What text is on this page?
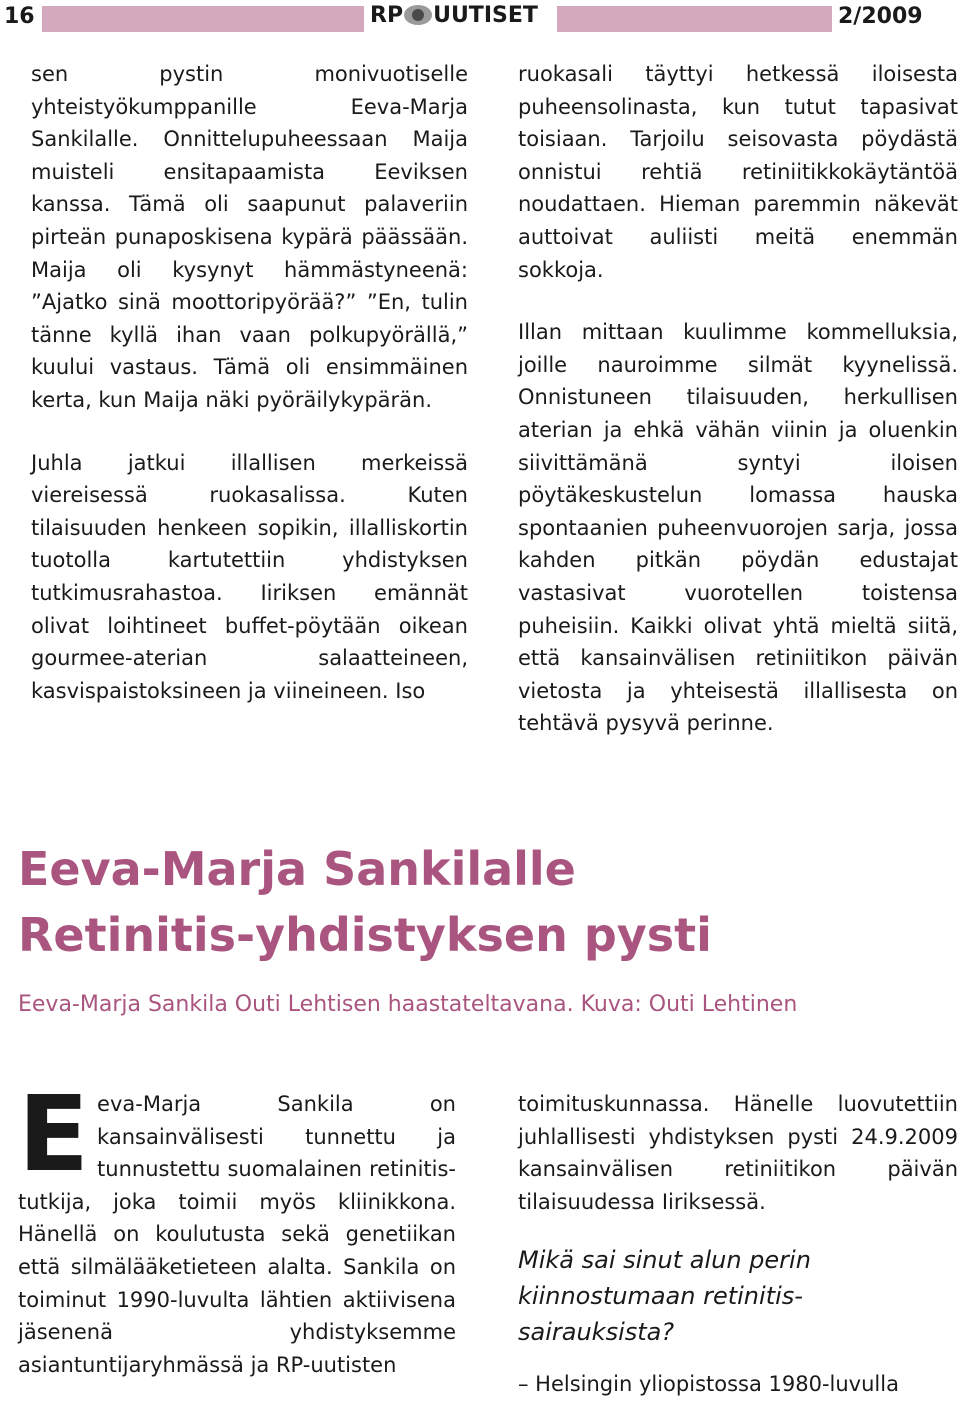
16	RP UUTISET	2/2009

sen pystin monivuotiselle yhteistyökumppanille Eeva-Marja Sankilalle. Onnittelupuheessaan Maija muisteli ensitapaamista Eeviksen kanssa. Tämä oli saapunut palaveriin pirteän punaposkisena kypärä päässään. Maija oli kysynyt hämmästyneenä: ”Ajatko sinä moottoripyörää?” ”En, tulin tänne kyllä ihan vaan polkupyörällä,” kuului vastaus. Tämä oli ensimmäinen kerta, kun Maija näki pyöräilykypärän.

Juhla jatkui illallisen merkeissä viereisessä ruokasalissa. Kuten tilaisuuden henkeen sopikin, illalliskortin tuotolla kartutettiin yhdistyksen tutkimusrahastoa. Iiriksen emännät olivat loihtineet buffet-pöytään oikean gourmee-aterian salaatteineen, kasvispaistoksineen ja viineineen. Iso

ruokasali täyttyi hetkessä iloisesta puheensolinasta, kun tutut tapasivat toisiaan. Tarjoilu seisovasta pöydästä onnistui rehtiä retiniitikkokäytäntöä noudattaen. Hieman paremmin näkevät auttoivat auliisti meitä enemmän sokkoja.

Illan mittaan kuulimme kommelluksia, joille nauroimme silmät kyynelissä. Onnistuneen tilaisuuden, herkullisen aterian ja ehkä vähän viinin ja oluenkin siivittämänä syntyi iloisen pöytäkeskustelun lomassa hauska spontaanien puheenvuorojen sarja, jossa kahden pitkän pöydän edustajat vastasivat vuorotellen toistensa puheisiin. Kaikki olivat yhtä mieltä siitä, että kansainvälisen retiniitikon päivän vietosta ja yhteisestä illallisesta on tehtävä pysyvä perinne.

Eeva-Marja Sankilalle
Retinitis-yhdistyksen pysti
Eeva-Marja Sankila Outi Lehtisen haastateltavana. Kuva: Outi Lehtinen

Eeva-Marja Sankila on kansainvälisesti tunnettu ja tunnustettu suomalainen retinitis-tutkija, joka toimii myös kliinikkona. Hänellä on koulutusta sekä genetiikan että silmälääketieteen alalta. Sankila on toiminut 1990-luvulta lähtien aktiivisena jäsenenä yhdistyksemme asiantuntijaryhmässä ja RP-uutisten

toimituskunnassa. Hänelle luovutettiin juhlallisesti yhdistyksen pysti 24.9.2009 kansainvälisen retiniitikon päivän tilaisuudessa Iiriksessä.

Mikä sai sinut alun perin kiinnostumaan retinitis-sairauksista?

– Helsingin yliopistossa 1980-luvulla
